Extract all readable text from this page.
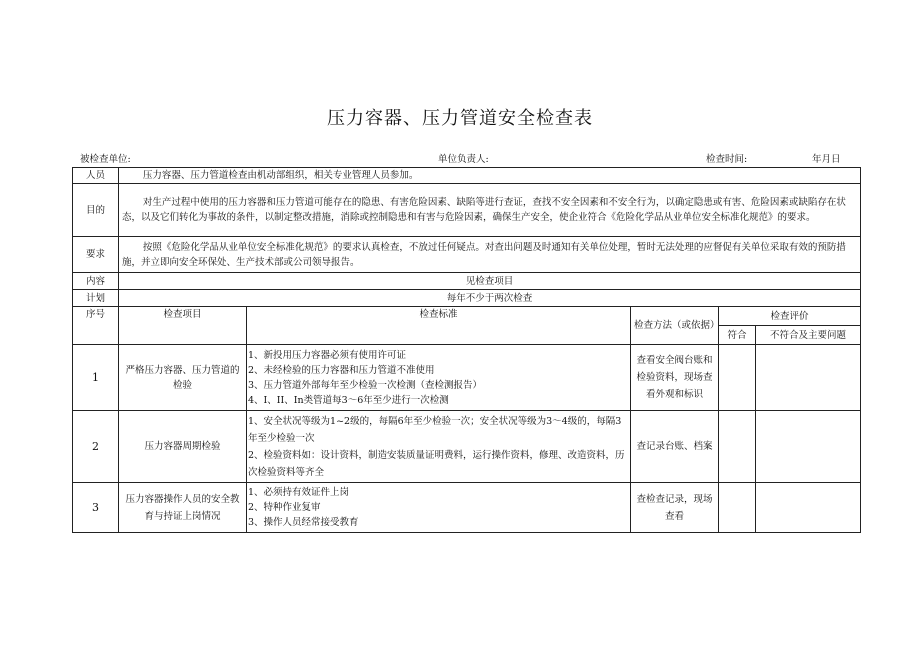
压力容器、压力管道安全检查表
被检查单位:	单位负责人:	检查时间:	年月日
人员	压力容器、压力管道检查由机动部组织，相关专业管理人员参加。				
目的	对生产过程中使用的压力容器和压力管道可能存在的隐患、有害危险因素、缺陷等进行查证，查找不安全因素和不安全行为，以确定隐患或有害、危险因素或缺陷存在状态，以及它们转化为事故的条件，以制定整改措施，消除或控制隐患和有害与危险因素，确保生产安全，使企业符合《危险化学品从业单位安全标准化规范》的要求。				
要求	按照《危险化学品从业单位安全标准化规范》的要求认真检查，不放过任何疑点。对查出问题及时通知有关单位处理，暂时无法处理的应督促有关单位采取有效的预防措施，并立即向安全环保处、生产技术部或公司领导报告。				
内容	见检查项目				
计划	每年不少于两次检查				
序号	检查项目	检查标准	检查方法（或依据）	检查评价	
				符合	不符合及主要问题
1	严格压力容器、压力管道的检验	1、新投用压力容器必须有使用许可证
2、未经检验的压力容器和压力管道不准使用
3、压力管道外部每年至少检验一次检测（查检测报告）
4、I、II、In类管道每3～6年至少进行一次检测	查看安全阀台账和检验资料，现场查看外观和标识		
2	压力容器周期检验	1、安全状况等级为1~2级的，每隔6年至少检验一次；安全状况等级为3～4级的，每隔3年至少检验一次
2、检验资料如：设计资料，制造安装质量证明费料，运行操作资料，修理、改造资料，历次检验资料等齐全	查记录台账、档案		
3	压力容器操作人员的安全教育与持证上岗情况	1、必须持有效证件上岗
2、特种作业复审
3、操作人员经常接受教育	查检查记录，现场查看		
